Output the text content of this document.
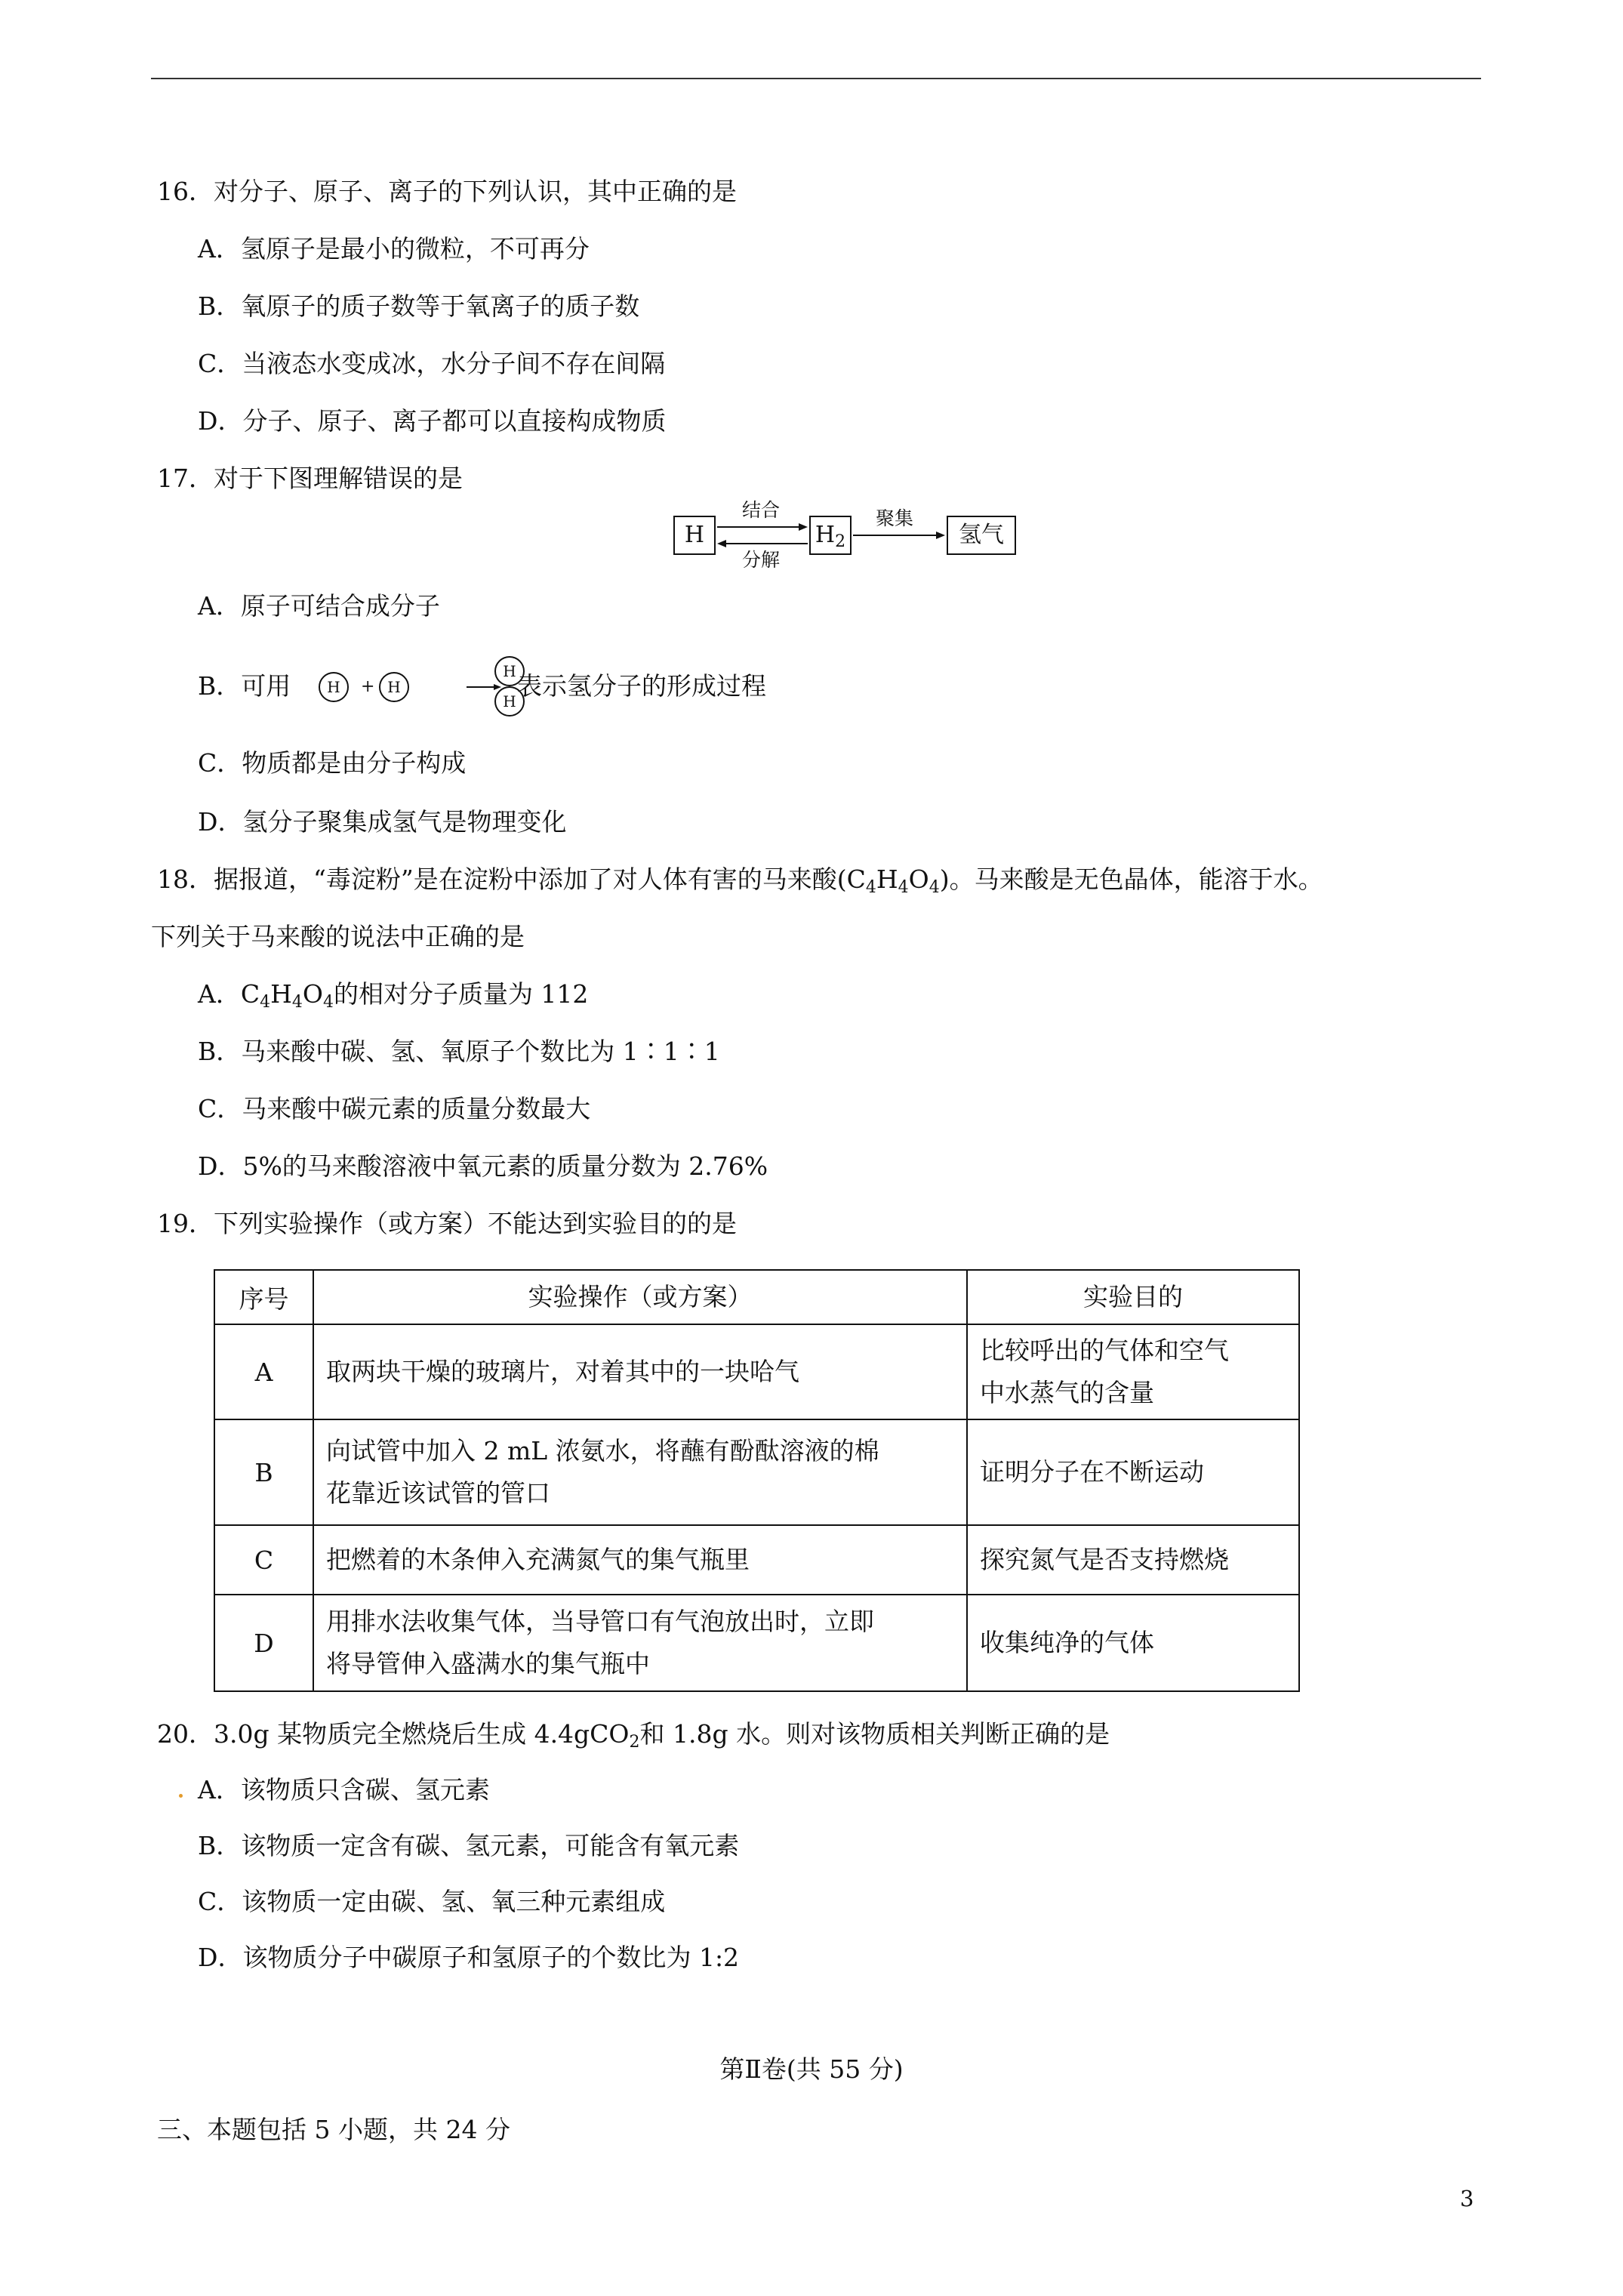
16．对分子、原子、离子的下列认识，其中正确的是
A．氢原子是最小的微粒，不可再分
B．氧原子的质子数等于氧离子的质子数
C．当液态水变成冰，水分子间不存在间隔
D．分子、原子、离子都可以直接构成物质
17．对于下图理解错误的是
H	$H_2$	氢气
结合
分解
聚集
A．原子可结合成分子
B．可用	H	+ H
H
H
表示氢分子的形成过程
C．物质都是由分子构成
D．氢分子聚集成氢气是物理变化
18．据报道，“毒淀粉”是在淀粉中添加了对人体有害的马来酸$(C_4H_4O_4)$。马来酸是无色晶体，能溶于水。
下列关于马来酸的说法中正确的是
A．$C_4H_4O_4$的相对分子质量为 112
B．马来酸中碳、氢、氧原子个数比为 1∶1∶1
C．马来酸中碳元素的质量分数最大
D．5%的马来酸溶液中氧元素的质量分数为 2.76%
19．下列实验操作（或方案）不能达到实验目的的是
序号	实验操作（或方案）	实验目的
A	取两块干燥的玻璃片，对着其中的一块哈气	比较呼出的气体和空气
中水蒸气的含量

B	向试管中加入 2 mL 浓氨水，将蘸有酚酞溶液的棉
花靠近该试管的管口	证明分子在不断运动

C	把燃着的木条伸入充满氮气的集气瓶里	探究氮气是否支持燃烧

D	用排水法收集气体，当导管口有气泡放出时，立即
将导管伸入盛满水的集气瓶中	收集纯净的气体
20．3.0g 某物质完全燃烧后生成 4.4gCO$_2$和 1.8g 水。则对该物质相关判断正确的是
A．该物质只含碳、氢元素
B．该物质一定含有碳、氢元素，可能含有氧元素
C．该物质一定由碳、氢、氧三种元素组成
D．该物质分子中碳原子和氢原子的个数比为 1:2
第Ⅱ卷(共 55 分)
三、本题包括 5 小题，共 24 分
3
